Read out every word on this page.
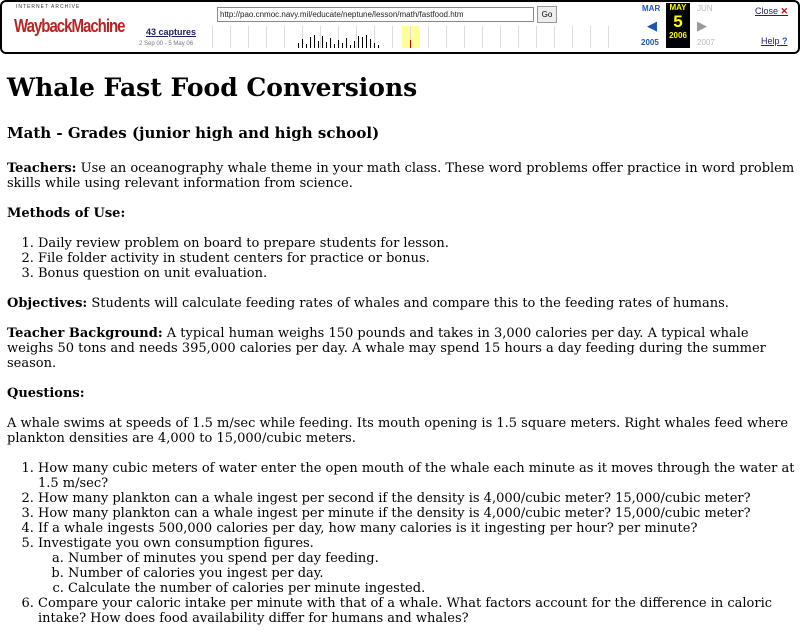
INTERNET ARCHIVE
WaybackMachine
http://pao.cnmoc.navy.mil/educate/neptune/lesson/math/fastfood.htm	Go
43 captures
2 Sep 00 - 5 May 06
MAR
◀
2005
MAY
5
2006
JUN
▶
2007
Close ✕
Help ?
Whale Fast Food Conversions
Math - Grades (junior high and high school)

Teachers: Use an oceanography whale theme in your math class. These word problems offer practice in word problem skills while using relevant information from science.

Methods of Use:

1. Daily review problem on board to prepare students for lesson.
2. File folder activity in student centers for practice or bonus.
3. Bonus question on unit evaluation.

Objectives: Students will calculate feeding rates of whales and compare this to the feeding rates of humans.

Teacher Background: A typical human weighs 150 pounds and takes in 3,000 calories per day. A typical whale weighs 50 tons and needs 395,000 calories per day. A whale may spend 15 hours a day feeding during the summer season.

Questions:

A whale swims at speeds of 1.5 m/sec while feeding. Its mouth opening is 1.5 square meters. Right whales feed where plankton densities are 4,000 to 15,000/cubic meters.

1. How many cubic meters of water enter the open mouth of the whale each minute as it moves through the water at 1.5 m/sec?
2. How many plankton can a whale ingest per second if the density is 4,000/cubic meter? 15,000/cubic meter?
3. How many plankton can a whale ingest per minute if the density is 4,000/cubic meter? 15,000/cubic meter?
4. If a whale ingests 500,000 calories per day, how many calories is it ingesting per hour? per minute?
5. Investigate you own consumption figures.
a. Number of minutes you spend per day feeding.
b. Number of calories you ingest per day.
c. Calculate the number of calories per minute ingested.
6. Compare your caloric intake per minute with that of a whale. What factors account for the difference in caloric intake? How does food availability differ for humans and whales?
